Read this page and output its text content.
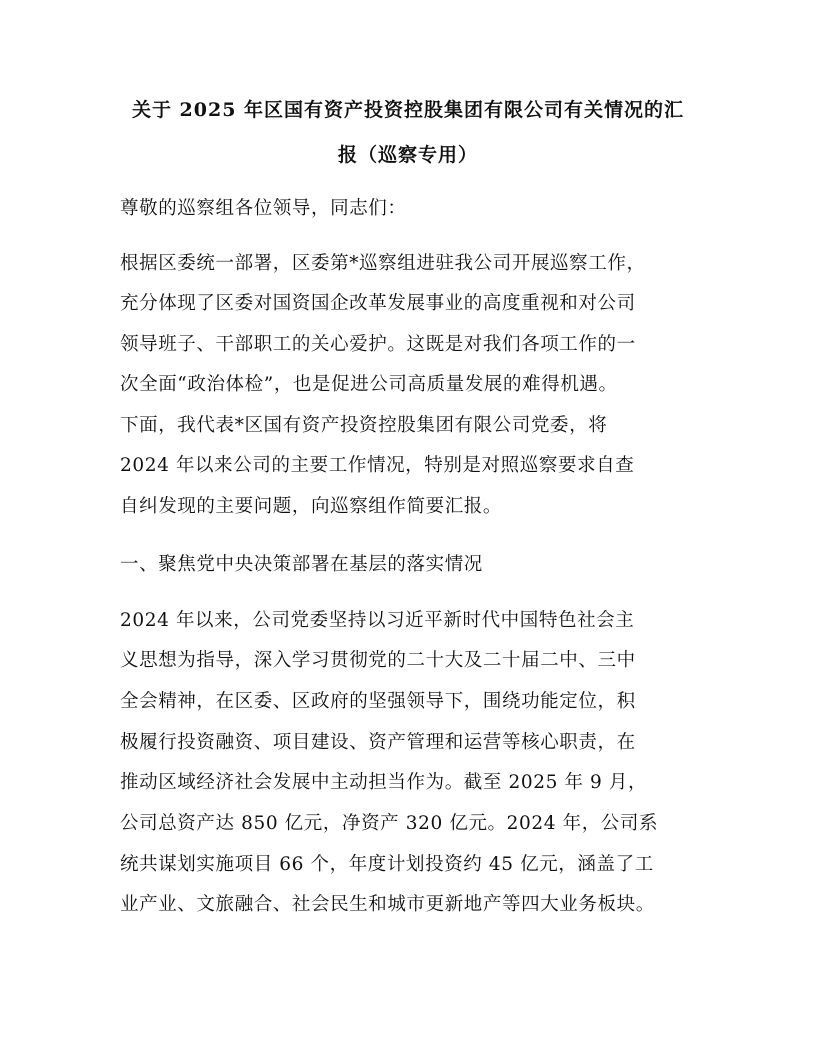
关于 2025 年区国有资产投资控股集团有限公司有关情况的汇
报（巡察专用）
尊敬的巡察组各位领导，同志们：
根据区委统一部署，区委第*巡察组进驻我公司开展巡察工作，
充分体现了区委对国资国企改革发展事业的高度重视和对公司
领导班子、干部职工的关心爱护。这既是对我们各项工作的一
次全面“政治体检”，也是促进公司高质量发展的难得机遇。
下面，我代表*区国有资产投资控股集团有限公司党委，将
2024 年以来公司的主要工作情况，特别是对照巡察要求自查
自纠发现的主要问题，向巡察组作简要汇报。
一、聚焦党中央决策部署在基层的落实情况
2024 年以来，公司党委坚持以习近平新时代中国特色社会主
义思想为指导，深入学习贯彻党的二十大及二十届二中、三中
全会精神，在区委、区政府的坚强领导下，围绕功能定位，积
极履行投资融资、项目建设、资产管理和运营等核心职责，在
推动区域经济社会发展中主动担当作为。截至 2025 年 9 月，
公司总资产达 850 亿元，净资产 320 亿元。2024 年，公司系
统共谋划实施项目 66 个，年度计划投资约 45 亿元，涵盖了工
业产业、文旅融合、社会民生和城市更新地产等四大业务板块。
